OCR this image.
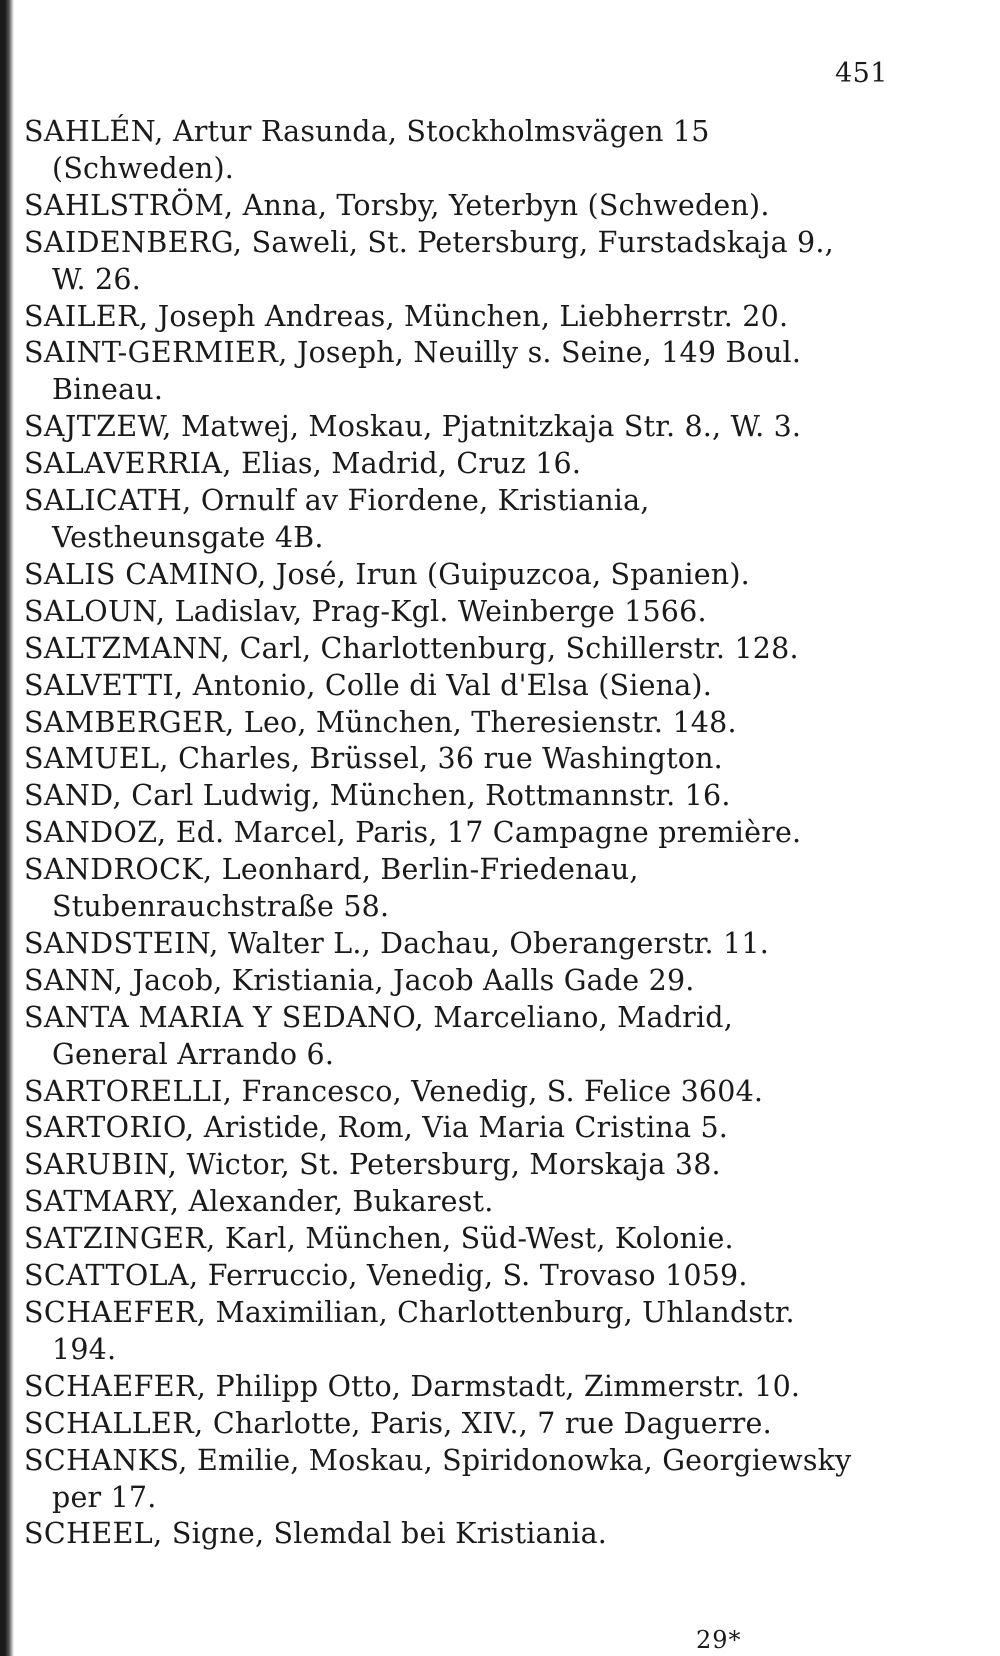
451
SAHLÉN, Artur Rasunda, Stockholmsvägen 15 (Schweden).
SAHLSTRÖM, Anna, Torsby, Yeterbyn (Schweden).
SAIDENBERG, Saweli, St. Petersburg, Furstadskaja 9., W. 26.
SAILER, Joseph Andreas, München, Liebherrstr. 20.
SAINT-GERMIER, Joseph, Neuilly s. Seine, 149 Boul. Bineau.
SAJTZEW, Matwej, Moskau, Pjatnitzkaja Str. 8., W. 3.
SALAVERRIA, Elias, Madrid, Cruz 16.
SALICATH, Ornulf av Fiordene, Kristiania, Vestheunsgate 4B.
SALIS CAMINO, José, Irun (Guipuzcoa, Spanien).
SALOUN, Ladislav, Prag-Kgl. Weinberge 1566.
SALTZMANN, Carl, Charlottenburg, Schillerstr. 128.
SALVETTI, Antonio, Colle di Val d'Elsa (Siena).
SAMBERGER, Leo, München, Theresienstr. 148.
SAMUEL, Charles, Brüssel, 36 rue Washington.
SAND, Carl Ludwig, München, Rottmannstr. 16.
SANDOZ, Ed. Marcel, Paris, 17 Campagne première.
SANDROCK, Leonhard, Berlin-Friedenau, Stubenrauchstraße 58.
SANDSTEIN, Walter L., Dachau, Oberangerstr. 11.
SANN, Jacob, Kristiania, Jacob Aalls Gade 29.
SANTA MARIA Y SEDANO, Marceliano, Madrid, General Arrando 6.
SARTORELLI, Francesco, Venedig, S. Felice 3604.
SARTORIO, Aristide, Rom, Via Maria Cristina 5.
SARUBIN, Wictor, St. Petersburg, Morskaja 38.
SATMARY, Alexander, Bukarest.
SATZINGER, Karl, München, Süd-West, Kolonie.
SCATTOLA, Ferruccio, Venedig, S. Trovaso 1059.
SCHAEFER, Maximilian, Charlottenburg, Uhlandstr. 194.
SCHAEFER, Philipp Otto, Darmstadt, Zimmerstr. 10.
SCHALLER, Charlotte, Paris, XIV., 7 rue Daguerre.
SCHANKS, Emilie, Moskau, Spiridonowka, Georgiewsky per 17.
SCHEEL, Signe, Slemdal bei Kristiania.
29*
